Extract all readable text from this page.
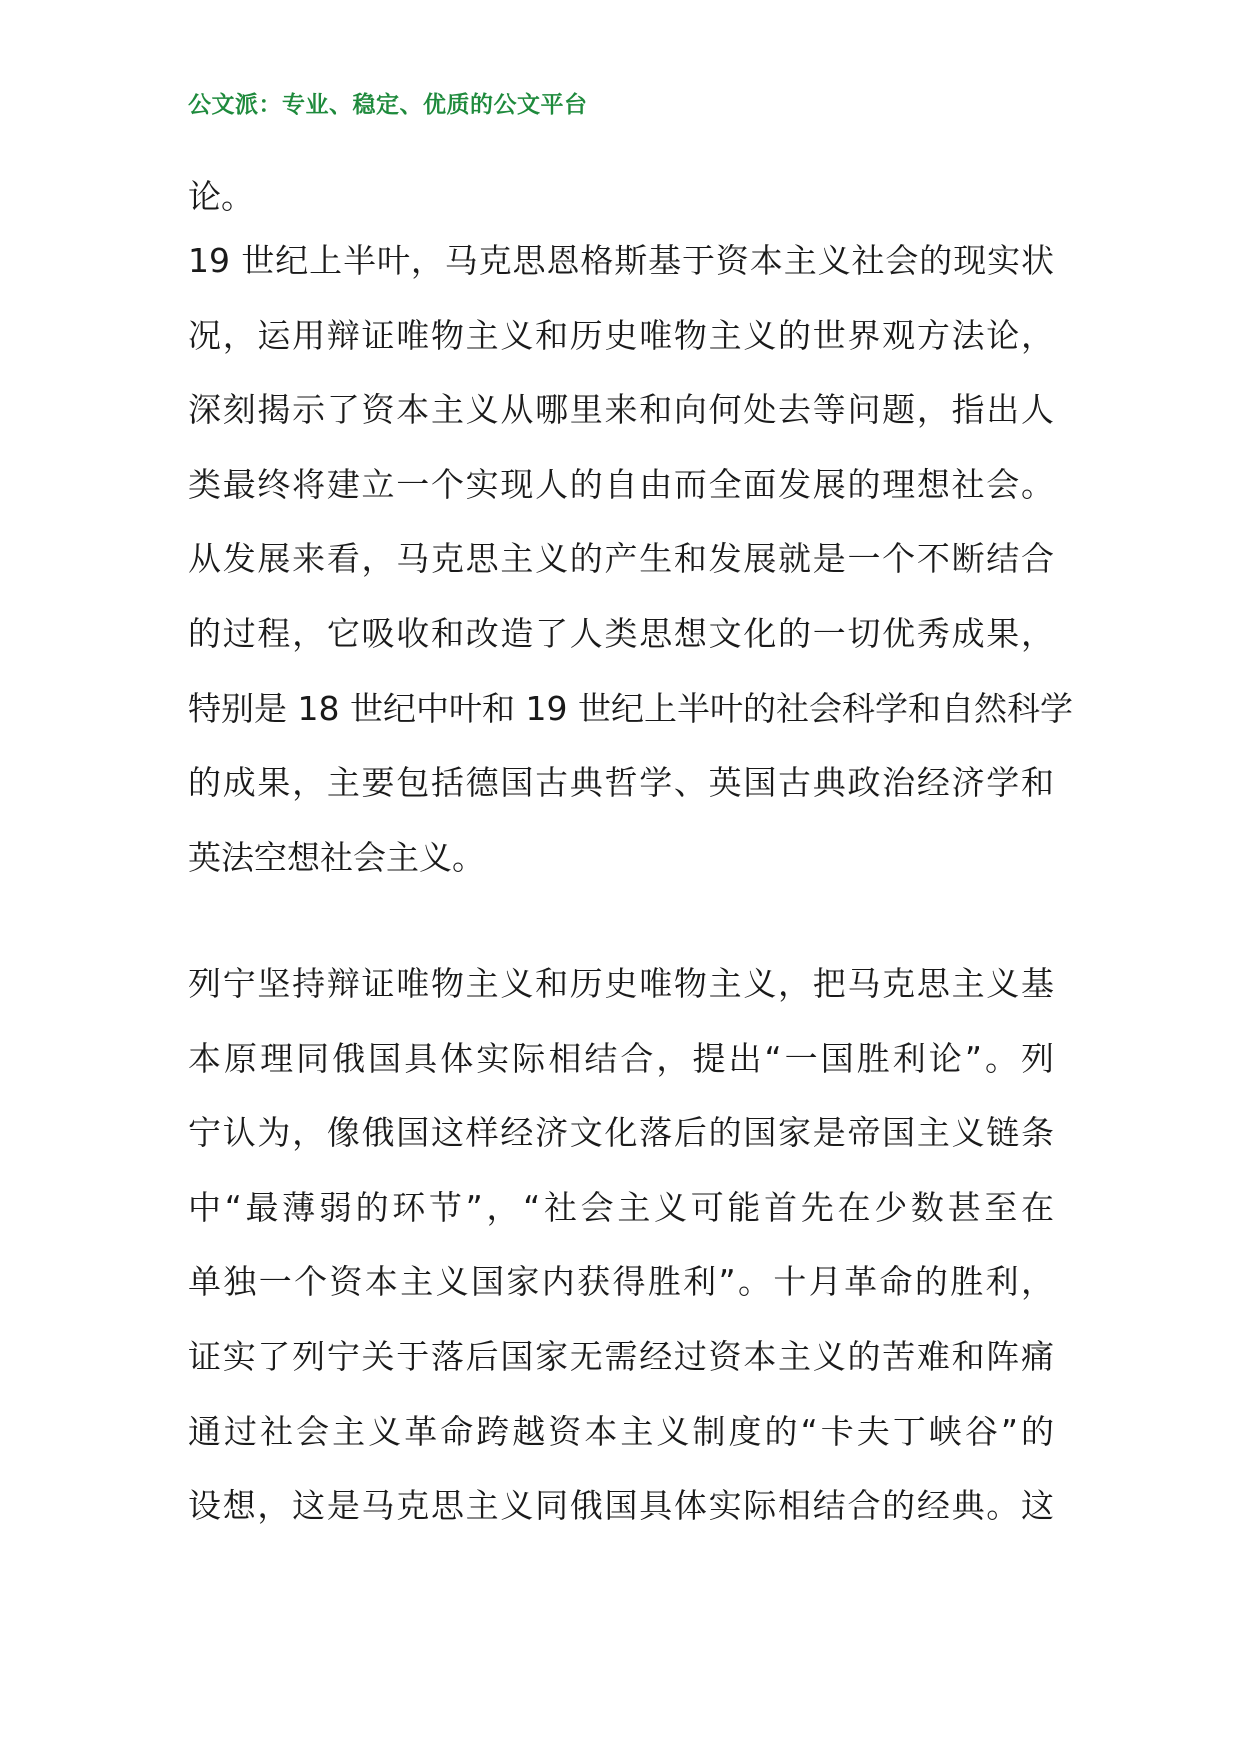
公文派：专业、稳定、优质的公文平台
论。
19 世纪上半叶，马克思恩格斯基于资本主义社会的现实状
况，运用辩证唯物主义和历史唯物主义的世界观方法论，
深刻揭示了资本主义从哪里来和向何处去等问题，指出人
类最终将建立一个实现人的自由而全面发展的理想社会。
从发展来看，马克思主义的产生和发展就是一个不断结合
的过程，它吸收和改造了人类思想文化的一切优秀成果，
特别是 18 世纪中叶和 19 世纪上半叶的社会科学和自然科学
的成果，主要包括德国古典哲学、英国古典政治经济学和
英法空想社会主义。
列宁坚持辩证唯物主义和历史唯物主义，把马克思主义基
本原理同俄国具体实际相结合，提出“一国胜利论”。列
宁认为，像俄国这样经济文化落后的国家是帝国主义链条
中“最薄弱的环节”，“社会主义可能首先在少数甚至在
单独一个资本主义国家内获得胜利”。十月革命的胜利，
证实了列宁关于落后国家无需经过资本主义的苦难和阵痛
通过社会主义革命跨越资本主义制度的“卡夫丁峡谷”的
设想，这是马克思主义同俄国具体实际相结合的经典。这
